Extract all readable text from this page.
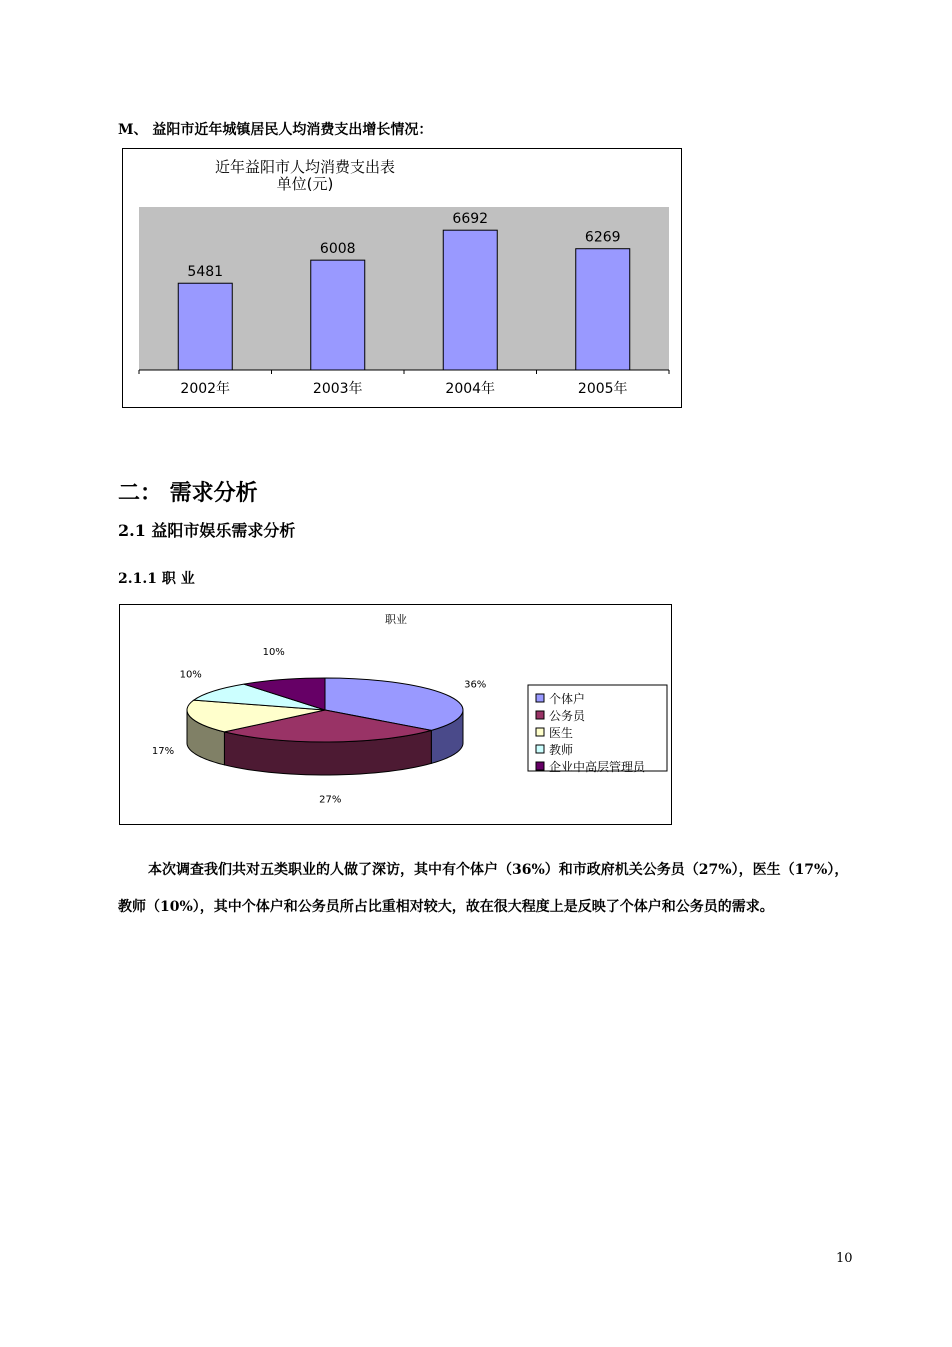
M、 益阳市近年城镇居民人均消费支出增长情况：
近年益阳市人均消费支出表
单位(元)
5481
2002年
6008
2003年
6692
2004年
6269
2005年
二： 需求分析
2.1 益阳市娱乐需求分析
2.1.1 职 业
职业
36%
27%
17%
10%
10%
个体户
公务员
医生
教师
企业中高层管理员
本次调查我们共对五类职业的人做了深访，其中有个体户（36%）和市政府机关公务员（27%），医生（17%），教师（10%），其中个体户和公务员所占比重相对较大，故在很大程度上是反映了个体户和公务员的需求。
10
